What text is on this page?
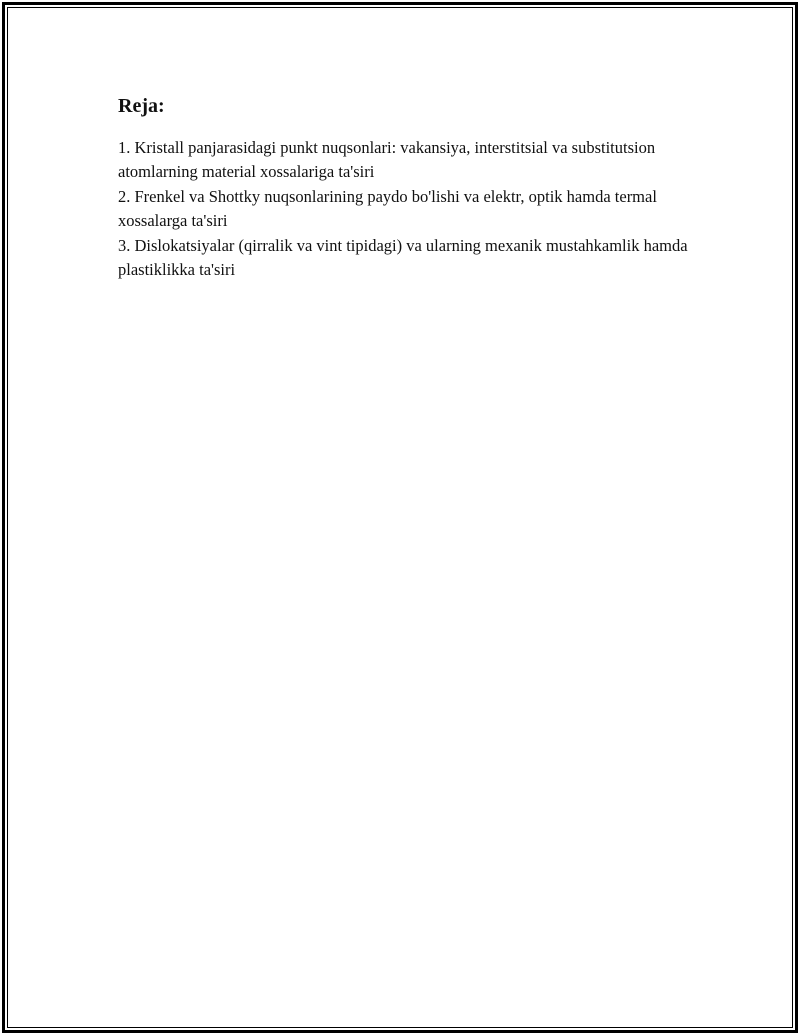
Reja:
1. Kristall panjarasidagi punkt nuqsonlari: vakansiya, interstitsial va substitutsion atomlarning material xossalariga ta'siri
2. Frenkel va Shottky nuqsonlarining paydo bo'lishi va elektr, optik hamda termal xossalarga ta'siri
3. Dislokatsiyalar (qirralik va vint tipidagi) va ularning mexanik mustahkamlik hamda plastiklikka ta'siri
